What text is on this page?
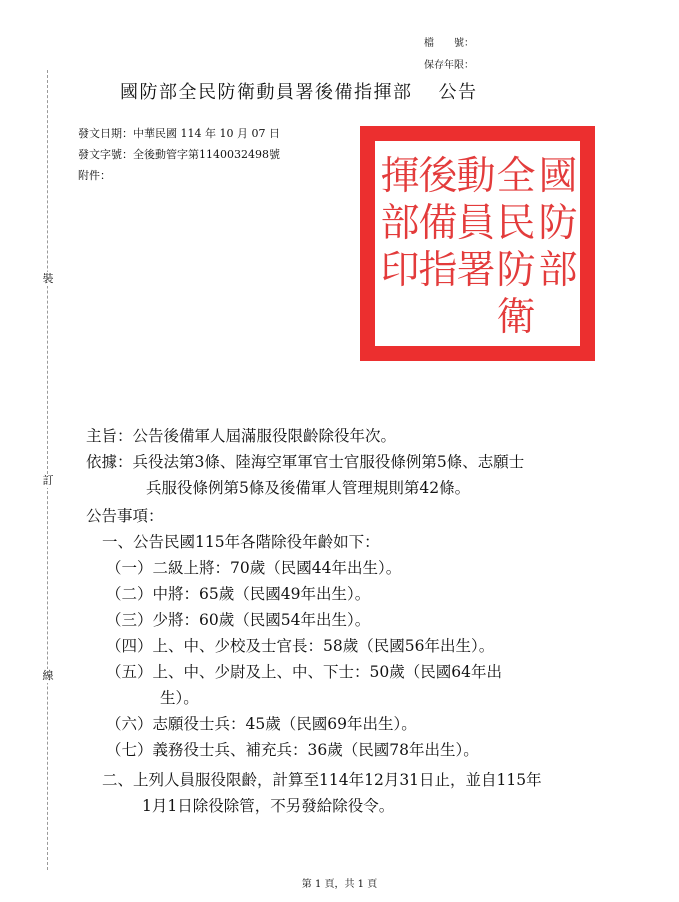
裝
訂
線
檔　　號：
保存年限：
國防部全民防衛動員署後備指揮部 公告
發文日期：中華民國 114 年 10 月 07 日
發文字號：全後動管字第1140032498號
附件：	國
防
部
全
民
防
衛
動
員
署
後
備
指
揮
部
印
主旨：公告後備軍人屆滿服役限齡除役年次。
依據：兵役法第3條、陸海空軍軍官士官服役條例第5條、志願士
兵服役條例第5條及後備軍人管理規則第42條。
公告事項：
一、公告民國115年各階除役年齡如下：
（一）二級上將：70歲（民國44年出生）。
（二）中將：65歲（民國49年出生）。
（三）少將：60歲（民國54年出生）。
（四）上、中、少校及士官長：58歲（民國56年出生）。
（五）上、中、少尉及上、中、下士：50歲（民國64年出
生）。
（六）志願役士兵：45歲（民國69年出生）。
（七）義務役士兵、補充兵：36歲（民國78年出生）。
二、上列人員服役限齡，計算至114年12月31日止，並自115年
1月1日除役除管，不另發給除役令。
第 1 頁，共 1 頁
